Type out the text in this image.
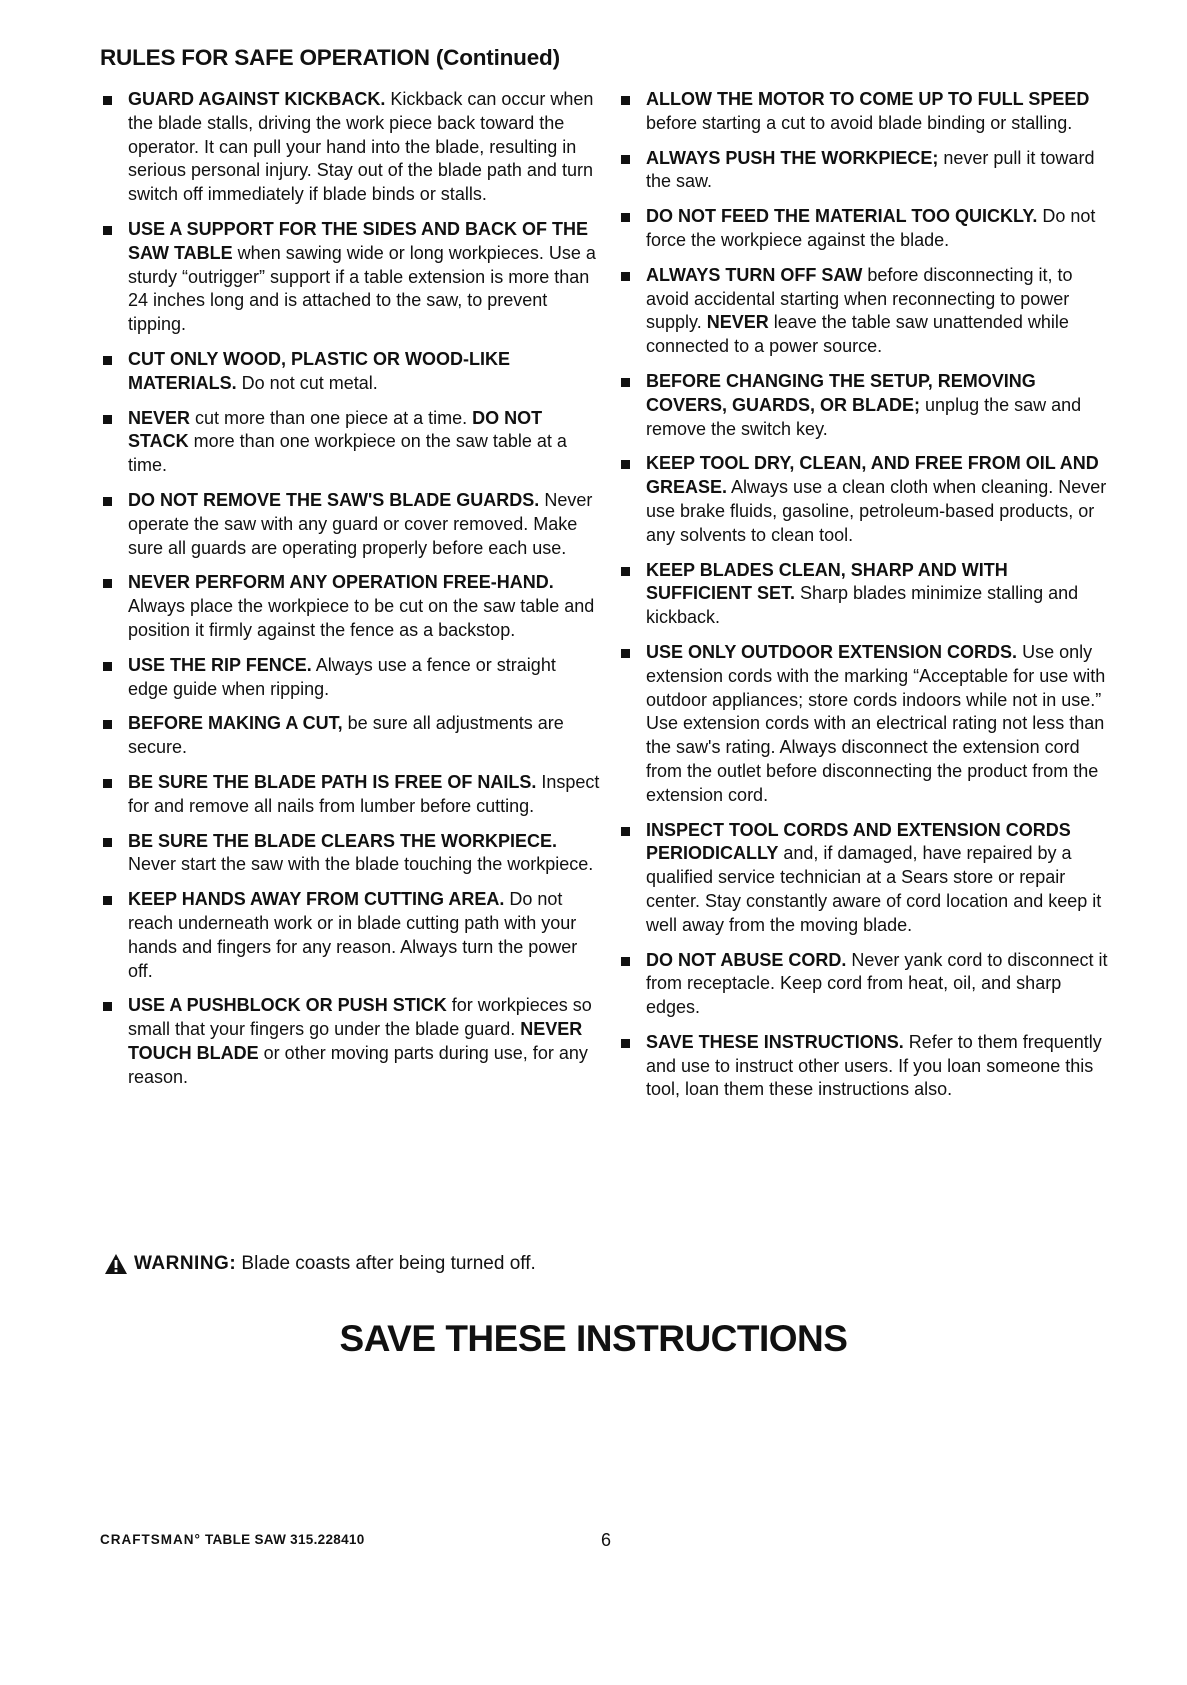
RULES FOR SAFE OPERATION (Continued)
GUARD AGAINST KICKBACK. Kickback can occur when the blade stalls, driving the work piece back toward the operator. It can pull your hand into the blade, resulting in serious personal injury. Stay out of the blade path and turn switch off immediately if blade binds or stalls.
USE A SUPPORT FOR THE SIDES AND BACK OF THE SAW TABLE when sawing wide or long workpieces. Use a sturdy “outrigger” support if a table extension is more than 24 inches long and is attached to the saw, to prevent tipping.
CUT ONLY WOOD, PLASTIC OR WOOD-LIKE MATERIALS. Do not cut metal.
NEVER cut more than one piece at a time. DO NOT STACK more than one workpiece on the saw table at a time.
DO NOT REMOVE THE SAW'S BLADE GUARDS. Never operate the saw with any guard or cover removed. Make sure all guards are operating properly before each use.
NEVER PERFORM ANY OPERATION FREE-HAND. Always place the workpiece to be cut on the saw table and position it firmly against the fence as a backstop.
USE THE RIP FENCE. Always use a fence or straight edge guide when ripping.
BEFORE MAKING A CUT, be sure all adjustments are secure.
BE SURE THE BLADE PATH IS FREE OF NAILS. Inspect for and remove all nails from lumber before cutting.
BE SURE THE BLADE CLEARS THE WORKPIECE. Never start the saw with the blade touching the workpiece.
KEEP HANDS AWAY FROM CUTTING AREA. Do not reach underneath work or in blade cutting path with your hands and fingers for any reason. Always turn the power off.
USE A PUSHBLOCK OR PUSH STICK for workpieces so small that your fingers go under the blade guard. NEVER TOUCH BLADE or other moving parts during use, for any reason.
WARNING: Blade coasts after being turned off.
ALLOW THE MOTOR TO COME UP TO FULL SPEED before starting a cut to avoid blade binding or stalling.
ALWAYS PUSH THE WORKPIECE; never pull it toward the saw.
DO NOT FEED THE MATERIAL TOO QUICKLY. Do not force the workpiece against the blade.
ALWAYS TURN OFF SAW before disconnecting it, to avoid accidental starting when reconnecting to power supply. NEVER leave the table saw unattended while connected to a power source.
BEFORE CHANGING THE SETUP, REMOVING COVERS, GUARDS, OR BLADE; unplug the saw and remove the switch key.
KEEP TOOL DRY, CLEAN, AND FREE FROM OIL AND GREASE. Always use a clean cloth when cleaning. Never use brake fluids, gasoline, petroleum-based products, or any solvents to clean tool.
KEEP BLADES CLEAN, SHARP AND WITH SUFFICIENT SET. Sharp blades minimize stalling and kickback.
USE ONLY OUTDOOR EXTENSION CORDS. Use only extension cords with the marking “Acceptable for use with outdoor appliances; store cords indoors while not in use.” Use extension cords with an electrical rating not less than the saw's rating. Always disconnect the extension cord from the outlet before disconnecting the product from the extension cord.
INSPECT TOOL CORDS AND EXTENSION CORDS PERIODICALLY and, if damaged, have repaired by a qualified service technician at a Sears store or repair center. Stay constantly aware of cord location and keep it well away from the moving blade.
DO NOT ABUSE CORD. Never yank cord to disconnect it from receptacle. Keep cord from heat, oil, and sharp edges.
SAVE THESE INSTRUCTIONS. Refer to them frequently and use to instruct other users. If you loan someone this tool, loan them these instructions also.
SAVE THESE INSTRUCTIONS
CRAFTSMAN° TABLE SAW 315.228410	6
